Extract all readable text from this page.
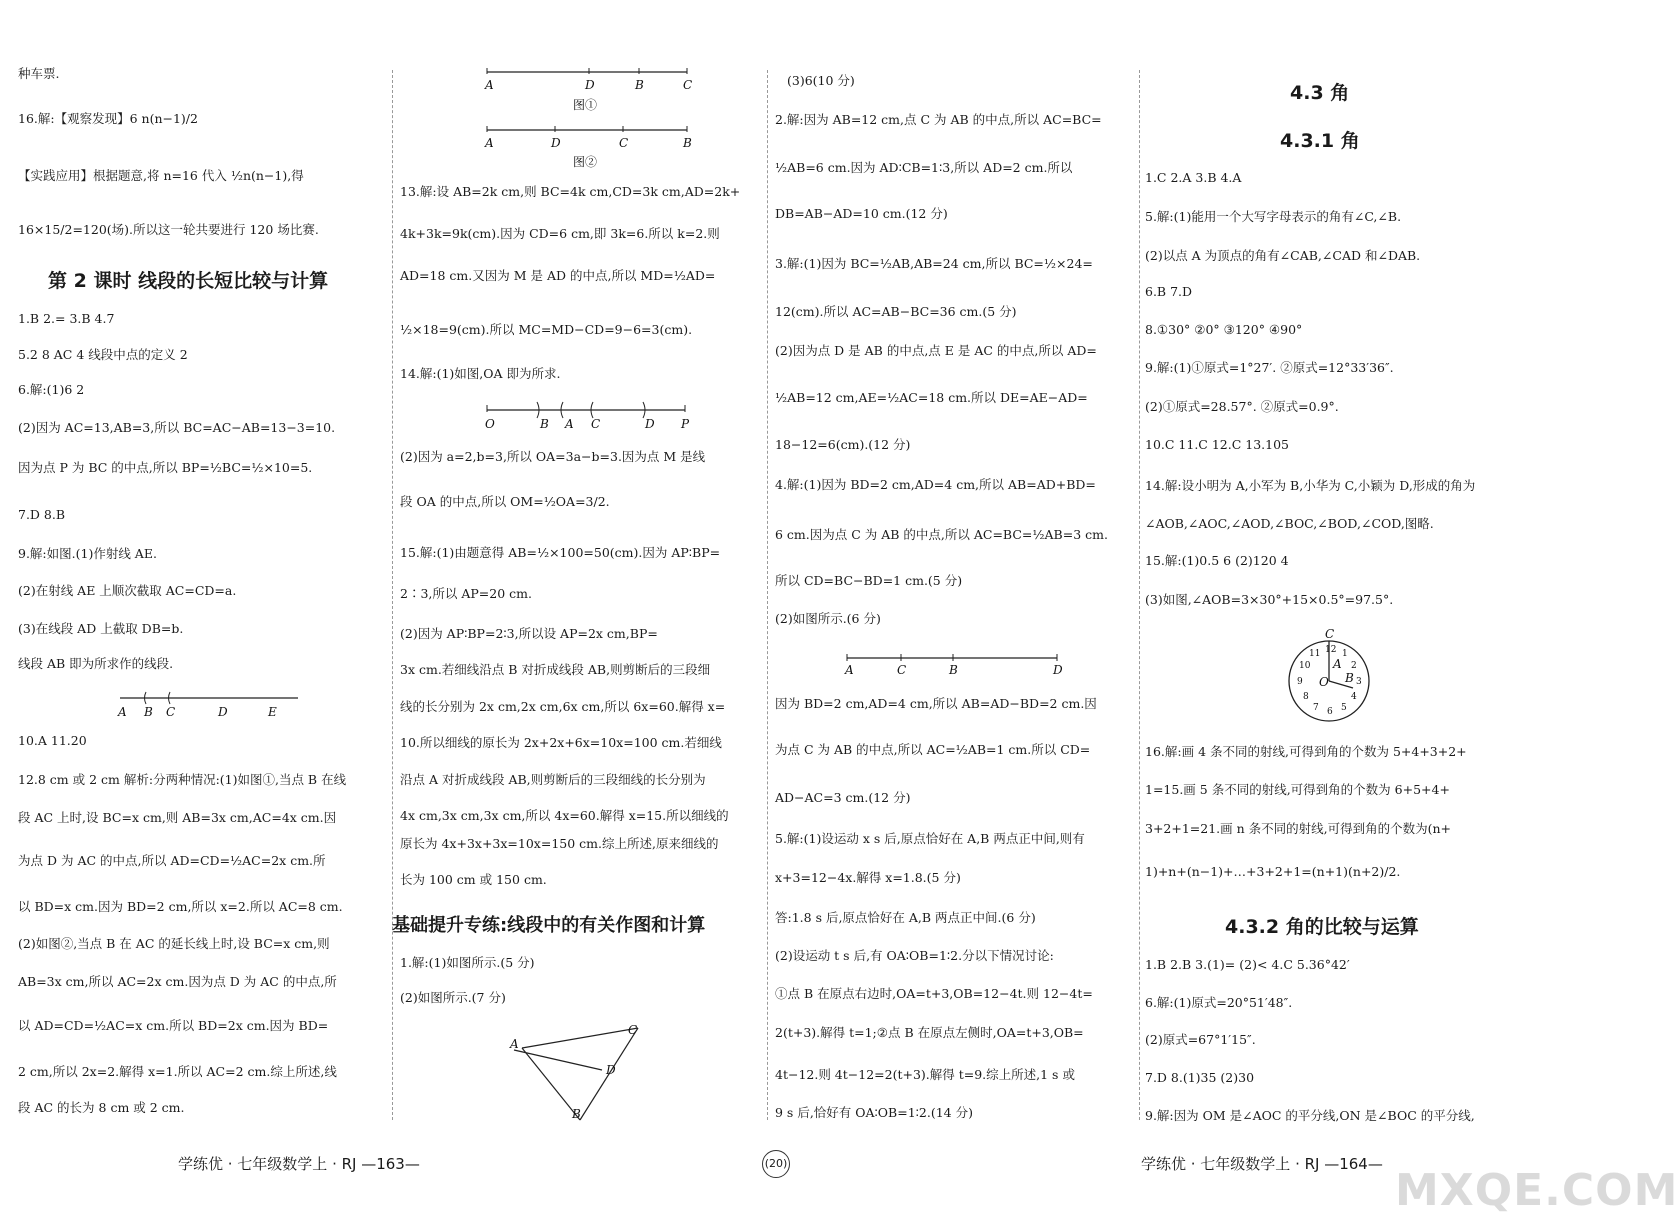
种车票.
16.解:【观察发现】6 n(n−1)/2
【实践应用】根据题意,将 n=16 代入 ½n(n−1),得
16×15/2=120(场).所以这一轮共要进行 120 场比赛.
第 2 课时 线段的长短比较与计算
1.B 2.= 3.B 4.7
5.2 8 AC 4 线段中点的定义 2
6.解:(1)6 2
(2)因为 AC=13,AB=3,所以 BC=AC−AB=13−3=10.
因为点 P 为 BC 的中点,所以 BP=½BC=½×10=5.
7.D 8.B
9.解:如图.(1)作射线 AE.
(2)在射线 AE 上顺次截取 AC=CD=a.
(3)在线段 AD 上截取 DB=b.
线段 AB 即为所求作的线段.
A B C	D	E
10.A 11.20
12.8 cm 或 2 cm 解析:分两种情况:(1)如图①,当点 B 在线
段 AC 上时,设 BC=x cm,则 AB=3x cm,AC=4x cm.因
为点 D 为 AC 的中点,所以 AD=CD=½AC=2x cm.所
以 BD=x cm.因为 BD=2 cm,所以 x=2.所以 AC=8 cm.
(2)如图②,当点 B 在 AC 的延长线上时,设 BC=x cm,则
AB=3x cm,所以 AC=2x cm.因为点 D 为 AC 的中点,所
以 AD=CD=½AC=x cm.所以 BD=2x cm.因为 BD=
2 cm,所以 2x=2.解得 x=1.所以 AC=2 cm.综上所述,线
段 AC 的长为 8 cm 或 2 cm.
学练优 · 七年级数学上 · RJ —163—
A	D	B	C
图①
A	D	C	B
图②
13.解:设 AB=2k cm,则 BC=4k cm,CD=3k cm,AD=2k+
4k+3k=9k(cm).因为 CD=6 cm,即 3k=6.所以 k=2.则
AD=18 cm.又因为 M 是 AD 的中点,所以 MD=½AD=
½×18=9(cm).所以 MC=MD−CD=9−6=3(cm).
14.解:(1)如图,OA 即为所求.
O	B A C	D P
(2)因为 a=2,b=3,所以 OA=3a−b=3.因为点 M 是线
段 OA 的中点,所以 OM=½OA=3/2.
15.解:(1)由题意得 AB=½×100=50(cm).因为 AP∶BP=
2∶3,所以 AP=20 cm.
(2)因为 AP∶BP=2∶3,所以设 AP=2x cm,BP=
3x cm.若细线沿点 B 对折成线段 AB,则剪断后的三段细
线的长分别为 2x cm,2x cm,6x cm,所以 6x=60.解得 x=
10.所以细线的原长为 2x+2x+6x=10x=100 cm.若细线
沿点 A 对折成线段 AB,则剪断后的三段细线的长分别为
4x cm,3x cm,3x cm,所以 4x=60.解得 x=15.所以细线的
原长为 4x+3x+3x=10x=150 cm.综上所述,原来细线的
长为 100 cm 或 150 cm.
基础提升专练:线段中的有关作图和计算
1.解:(1)如图所示.(5 分)
(2)如图所示.(7 分)
A
C
D
B
(3)6(10 分)
2.解:因为 AB=12 cm,点 C 为 AB 的中点,所以 AC=BC=
½AB=6 cm.因为 AD∶CB=1∶3,所以 AD=2 cm.所以
DB=AB−AD=10 cm.(12 分)
3.解:(1)因为 BC=½AB,AB=24 cm,所以 BC=½×24=
12(cm).所以 AC=AB−BC=36 cm.(5 分)
(2)因为点 D 是 AB 的中点,点 E 是 AC 的中点,所以 AD=
½AB=12 cm,AE=½AC=18 cm.所以 DE=AE−AD=
18−12=6(cm).(12 分)
4.解:(1)因为 BD=2 cm,AD=4 cm,所以 AB=AD+BD=
6 cm.因为点 C 为 AB 的中点,所以 AC=BC=½AB=3 cm.
所以 CD=BC−BD=1 cm.(5 分)
(2)如图所示.(6 分)
A	C	B	D
因为 BD=2 cm,AD=4 cm,所以 AB=AD−BD=2 cm.因
为点 C 为 AB 的中点,所以 AC=½AB=1 cm.所以 CD=
AD−AC=3 cm.(12 分)
5.解:(1)设运动 x s 后,原点恰好在 A,B 两点正中间,则有
x+3=12−4x.解得 x=1.8.(5 分)
答:1.8 s 后,原点恰好在 A,B 两点正中间.(6 分)
(2)设运动 t s 后,有 OA∶OB=1∶2.分以下情况讨论:
①点 B 在原点右边时,OA=t+3,OB=12−4t.则 12−4t=
2(t+3).解得 t=1;②点 B 在原点左侧时,OA=t+3,OB=
4t−12.则 4t−12=2(t+3).解得 t=9.综上所述,1 s 或
9 s 后,恰好有 OA∶OB=1∶2.(14 分)
4.3 角
4.3.1 角
1.C 2.A 3.B 4.A
5.解:(1)能用一个大写字母表示的角有∠C,∠B.
(2)以点 A 为顶点的角有∠CAB,∠CAD 和∠DAB.
6.B 7.D
8.①30° ②0° ③120° ④90°
9.解:(1)①原式=1°27′. ②原式=12°33′36″.
(2)①原式=28.57°. ②原式=0.9°.
10.C 11.C 12.C 13.105
14.解:设小明为 A,小军为 B,小华为 C,小颖为 D,形成的角为
∠AOB,∠AOC,∠AOD,∠BOC,∠BOD,∠COD,图略.
15.解:(1)0.5 6 (2)120 4
(3)如图,∠AOB=3×30°+15×0.5°=97.5°.
12 1
2
3
4
5
6
7
8
9
10
11
C
A
O B
16.解:画 4 条不同的射线,可得到角的个数为 5+4+3+2+
1=15.画 5 条不同的射线,可得到角的个数为 6+5+4+
3+2+1=21.画 n 条不同的射线,可得到角的个数为(n+
1)+n+(n−1)+…+3+2+1=(n+1)(n+2)/2.
4.3.2 角的比较与运算
1.B 2.B 3.(1)= (2)< 4.C 5.36°42′
6.解:(1)原式=20°51′48″.
(2)原式=67°1′15″.
7.D 8.(1)35 (2)30
9.解:因为 OM 是∠AOC 的平分线,ON 是∠BOC 的平分线,
学练优 · 七年级数学上 · RJ —164—
(20)
MXQE.COM
